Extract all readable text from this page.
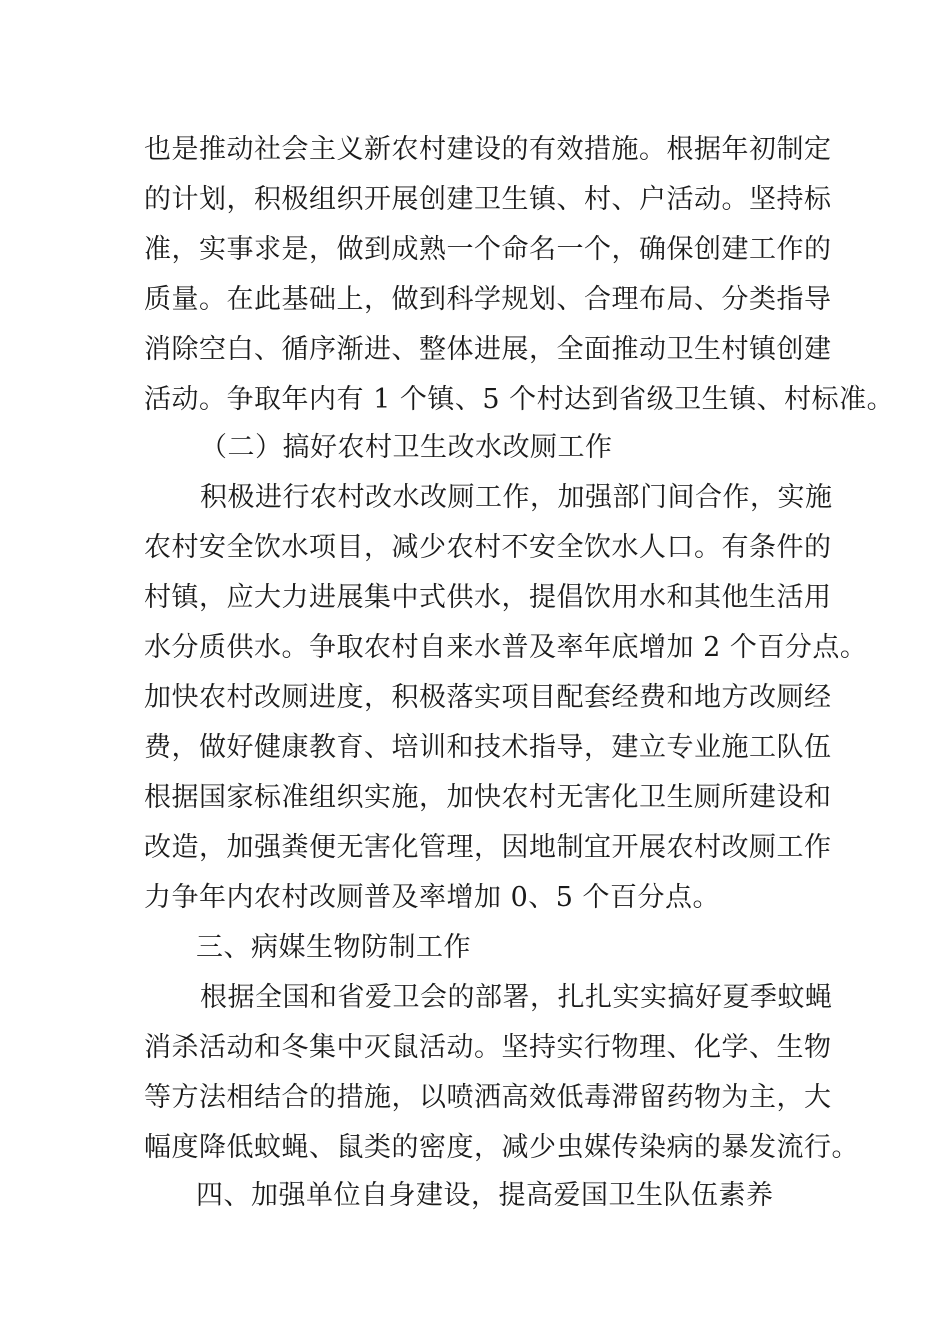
也是推动社会主义新农村建设的有效措施。根据年初制定
的计划，积极组织开展创建卫生镇、村、户活动。坚持标
准，实事求是，做到成熟一个命名一个，确保创建工作的
质量。在此基础上，做到科学规划、合理布局、分类指导
消除空白、循序渐进、整体进展，全面推动卫生村镇创建
活动。争取年内有 1 个镇、5 个村达到省级卫生镇、村标准。
（二）搞好农村卫生改水改厕工作
积极进行农村改水改厕工作，加强部门间合作，实施
农村安全饮水项目，减少农村不安全饮水人口。有条件的
村镇，应大力进展集中式供水，提倡饮用水和其他生活用
水分质供水。争取农村自来水普及率年底增加 2 个百分点。
加快农村改厕进度，积极落实项目配套经费和地方改厕经
费，做好健康教育、培训和技术指导，建立专业施工队伍
根据国家标准组织实施，加快农村无害化卫生厕所建设和
改造，加强粪便无害化管理，因地制宜开展农村改厕工作
力争年内农村改厕普及率增加 0、5 个百分点。
三、病媒生物防制工作
根据全国和省爱卫会的部署，扎扎实实搞好夏季蚊蝇
消杀活动和冬集中灭鼠活动。坚持实行物理、化学、生物
等方法相结合的措施，以喷洒高效低毒滞留药物为主，大
幅度降低蚊蝇、鼠类的密度，减少虫媒传染病的暴发流行。
四、加强单位自身建设，提高爱国卫生队伍素养
